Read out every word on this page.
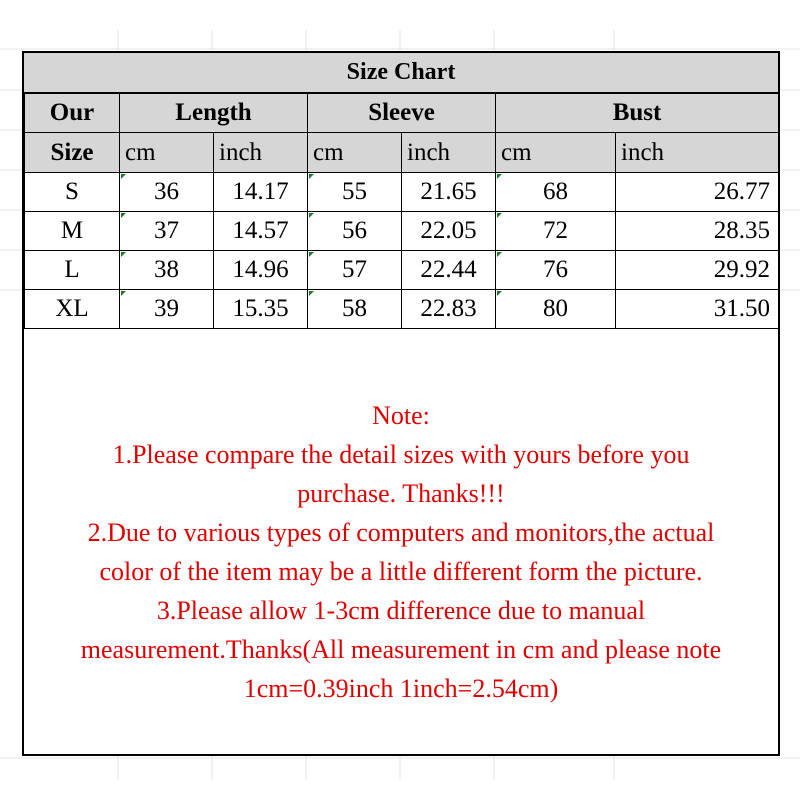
Size Chart
Our	Length		Sleeve		Bust	
Size	cm	inch	cm	inch	cm	inch
S	36	14.17	55	21.65	68	26.77
M	37	14.57	56	22.05	72	28.35
L	38	14.96	57	22.44	76	29.92
XL	39	15.35	58	22.83	80	31.50
Note:
1.Please compare the detail sizes with yours before you
purchase. Thanks!!!
2.Due to various types of computers and monitors,the actual
color of the item may be a little different form the picture.
3.Please allow 1-3cm difference due to manual
measurement.Thanks(All measurement in cm and please note
1cm=0.39inch 1inch=2.54cm)
